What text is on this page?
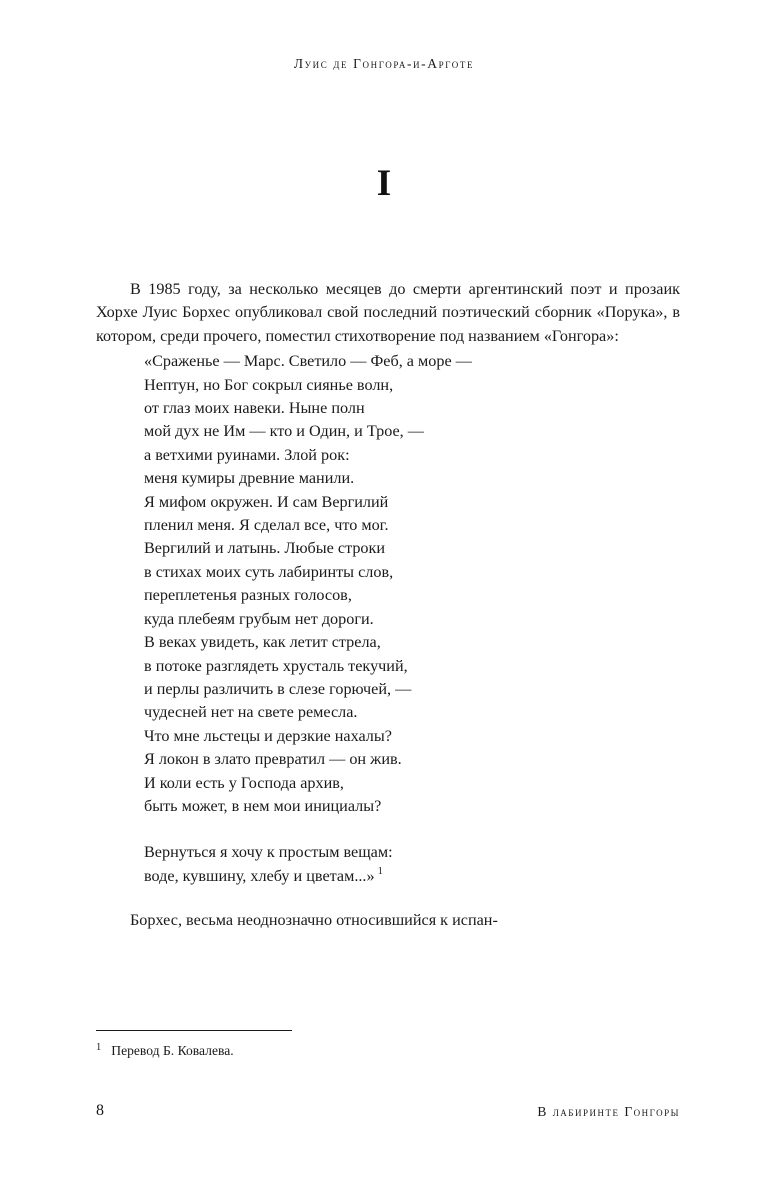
Луис де Гонгора-и-Арготе
I

В 1985 году, за несколько месяцев до смерти аргентинский поэт и прозаик Хорхе Луис Борхес опубликовал свой последний поэтический сборник «Порука», в котором, среди прочего, поместил стихотворение под названием «Гонгора»:

«Сраженье — Марс. Светило — Феб, а море —
Нептун, но Бог сокрыл сиянье волн,
от глаз моих навеки. Ныне полн
мой дух не Им — кто и Один, и Трое, —
а ветхими руинами. Злой рок:
меня кумиры древние манили.
Я мифом окружен. И сам Вергилий
пленил меня. Я сделал все, что мог.
Вергилий и латынь. Любые строки
в стихах моих суть лабиринты слов,
переплетенья разных голосов,
куда плебеям грубым нет дороги.
В веках увидеть, как летит стрела,
в потоке разглядеть хрусталь текучий,
и перлы различить в слезе горючей, —
чудесней нет на свете ремесла.
Что мне льстецы и дерзкие нахалы?
Я локон в злато превратил — он жив.
И коли есть у Господа архив,
быть может, в нем мои инициалы?
Вернуться я хочу к простым вещам:
воде, кувшину, хлебу и цветам...» $^1$

Борхес, весьма неоднозначно относившийся к испан-

1 Перевод Б. Ковалева.
8	В лабиринте Гонгоры
